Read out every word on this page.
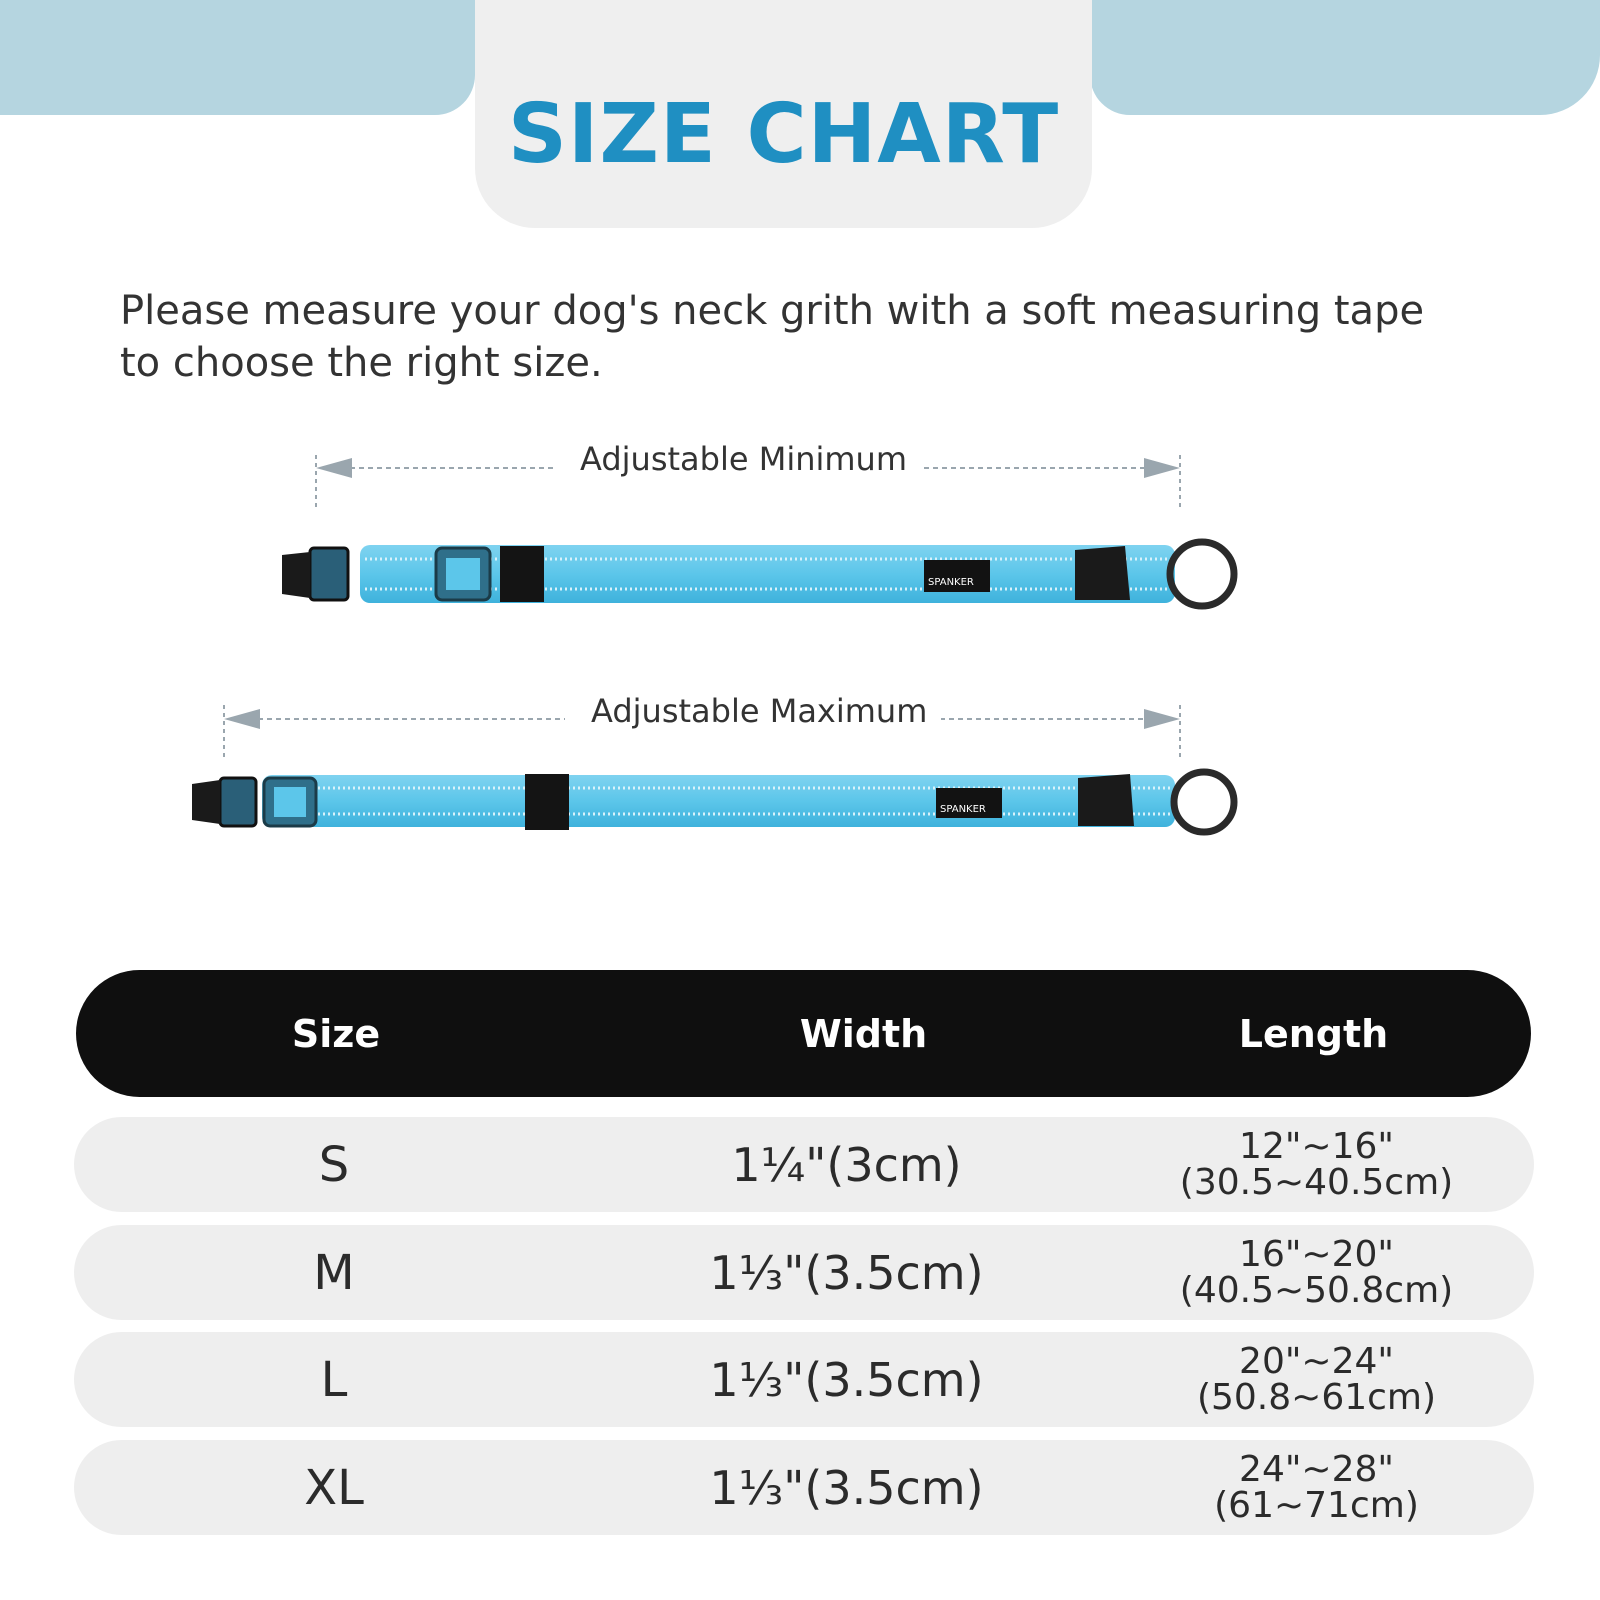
SIZE CHART
Please measure your dog's neck grith with a soft measuring tape
to choose the right size.
SPANKER
SPANKER
Adjustable Minimum
Adjustable Maximum
Size	Width	Length
S	1¼"(3cm)	12"~16"
(30.5~40.5cm)
M	1⅓"(3.5cm)	16"~20"
(40.5~50.8cm)
L	1⅓"(3.5cm)	20"~24"
(50.8~61cm)
XL	1⅓"(3.5cm)	24"~28"
(61~71cm)
